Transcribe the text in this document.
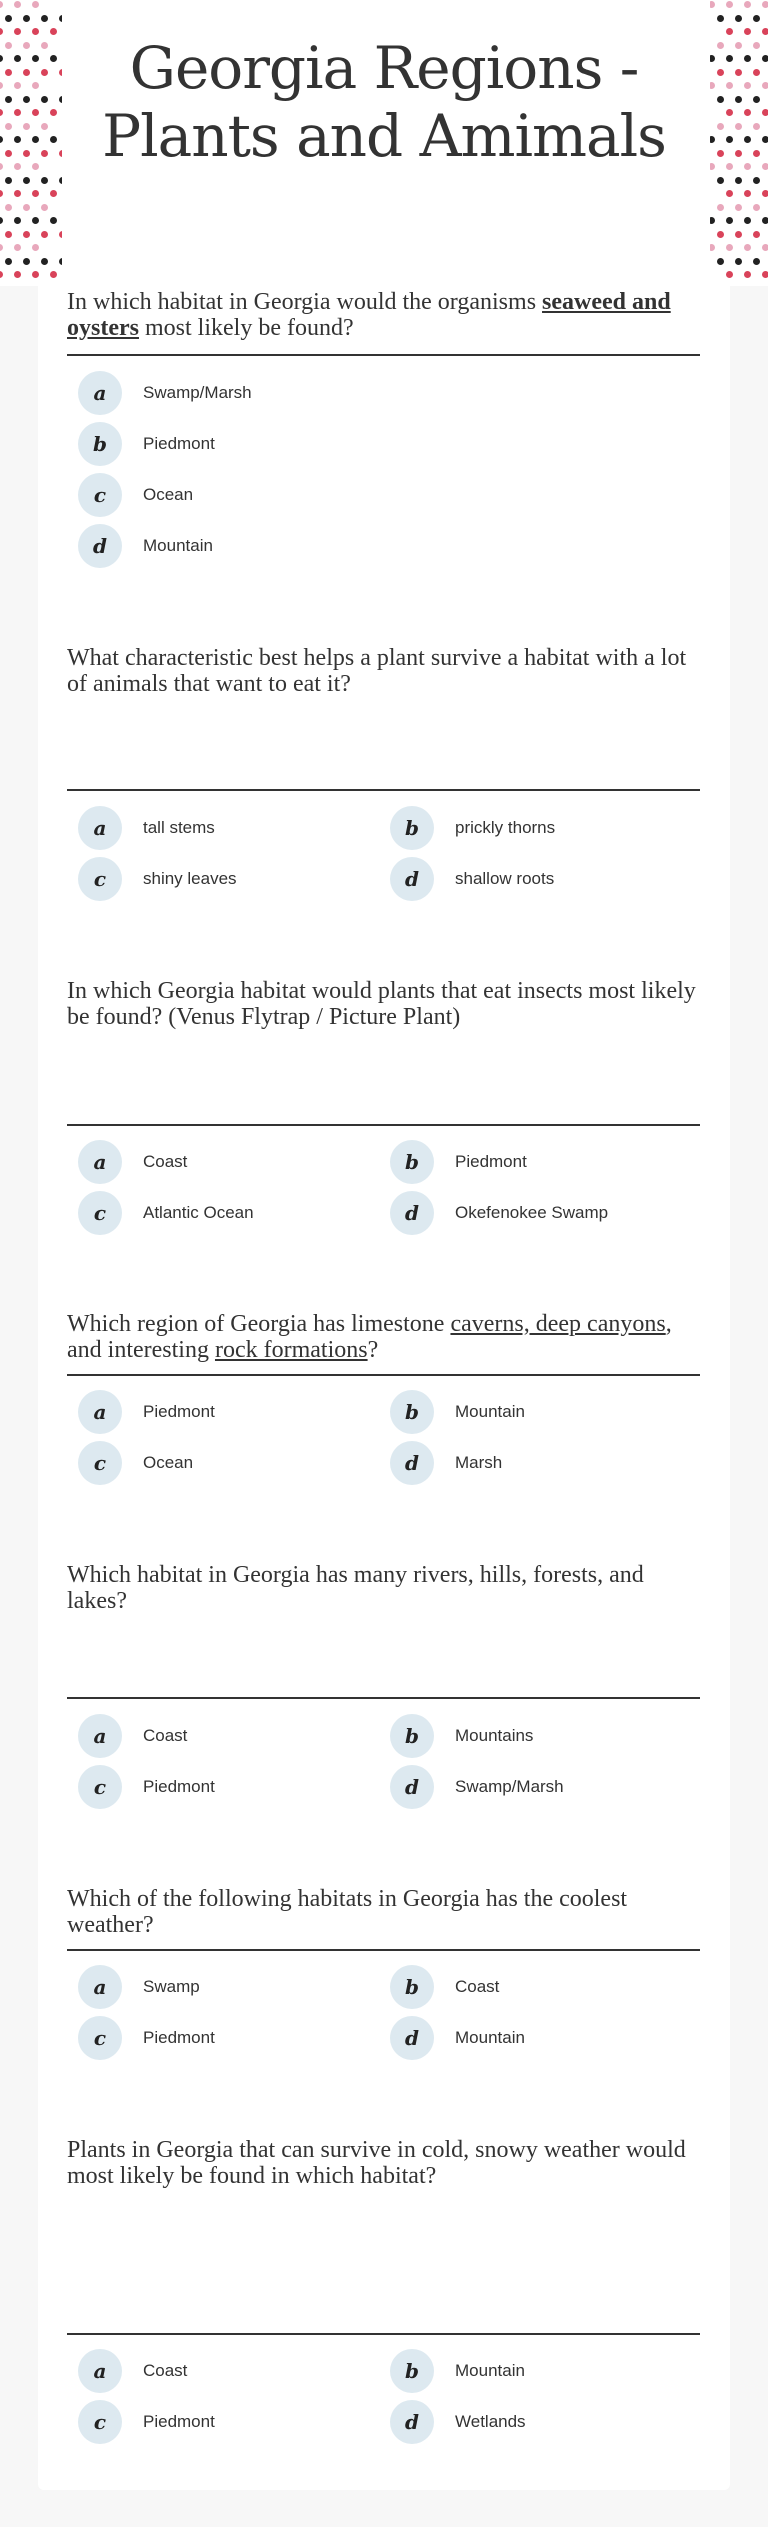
Georgia Regions - Plants and Amimals
In which habitat in Georgia would the organisms seaweed and oysters most likely be found?
a	Swamp/Marsh
b	Piedmont
c	Ocean
d	Mountain
What characteristic best helps a plant survive a habitat with a lot of animals that want to eat it?
a	tall stems	b	prickly thorns
c	shiny leaves	d	shallow roots
In which Georgia habitat would plants that eat insects most likely be found? (Venus Flytrap / Picture Plant)
a	Coast	b	Piedmont
c	Atlantic Ocean	d	Okefenokee Swamp
Which region of Georgia has limestone caverns, deep canyons, and interesting rock formations?
a	Piedmont	b	Mountain
c	Ocean	d	Marsh
Which habitat in Georgia has many rivers, hills, forests, and lakes?
a	Coast	b	Mountains
c	Piedmont	d	Swamp/Marsh
Which of the following habitats in Georgia has the coolest weather?
a	Swamp	b	Coast
c	Piedmont	d	Mountain
Plants in Georgia that can survive in cold, snowy weather would most likely be found in which habitat?
a	Coast	b	Mountain
c	Piedmont	d	Wetlands
